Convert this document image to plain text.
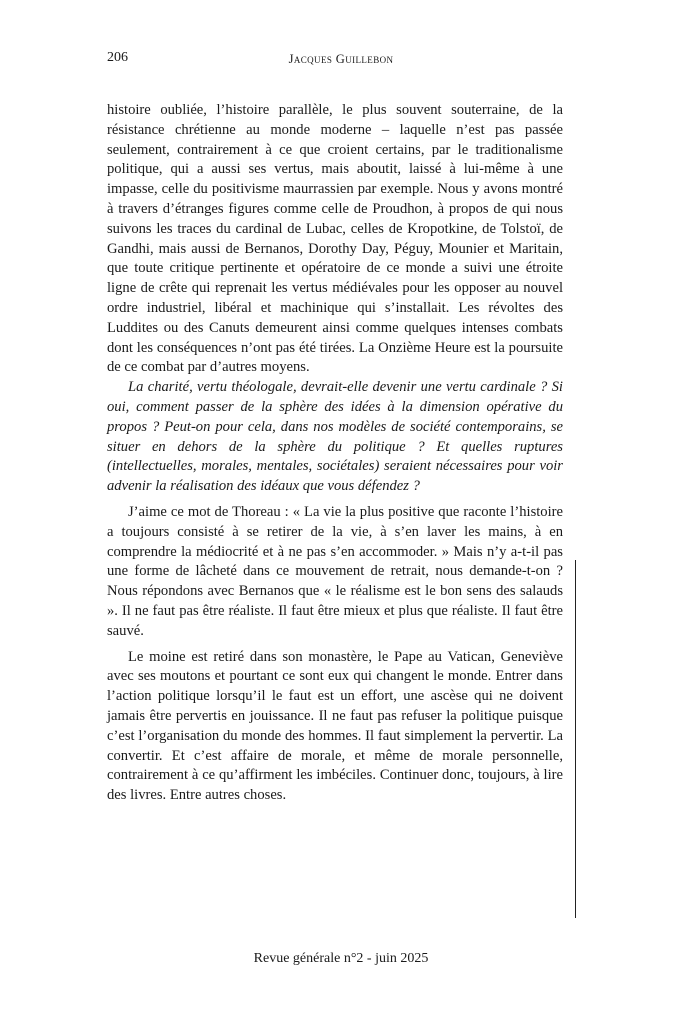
206	Jacques Guillebon

histoire oubliée, l’histoire parallèle, le plus souvent souterraine, de la résistance chrétienne au monde moderne – laquelle n’est pas passée seulement, contrairement à ce que croient certains, par le traditionalisme politique, qui a aussi ses vertus, mais aboutit, laissé à lui-même à une impasse, celle du positivisme maurrassien par exemple. Nous y avons montré à travers d’étranges figures comme celle de Proudhon, à propos de qui nous suivons les traces du cardinal de Lubac, celles de Kropotkine, de Tolstoï, de Gandhi, mais aussi de Bernanos, Dorothy Day, Péguy, Mounier et Maritain, que toute critique pertinente et opératoire de ce monde a suivi une étroite ligne de crête qui reprenait les vertus médiévales pour les opposer au nouvel ordre industriel, libéral et machinique qui s’installait. Les révoltes des Luddites ou des Canuts demeurent ainsi comme quelques intenses combats dont les conséquences n’ont pas été tirées. La Onzième Heure est la poursuite de ce combat par d’autres moyens.

La charité, vertu théologale, devrait-elle devenir une vertu cardinale ? Si oui, comment passer de la sphère des idées à la dimension opérative du propos ? Peut-on pour cela, dans nos modèles de société contemporains, se situer en dehors de la sphère du politique ? Et quelles ruptures (intellectuelles, morales, mentales, sociétales) seraient nécessaires pour voir advenir la réalisation des idéaux que vous défendez ?

J’aime ce mot de Thoreau : « La vie la plus positive que raconte l’histoire a toujours consisté à se retirer de la vie, à s’en laver les mains, à en comprendre la médiocrité et à ne pas s’en accommoder. » Mais n’y a-t-il pas une forme de lâcheté dans ce mouvement de retrait, nous demande-t-on ? Nous répondons avec Bernanos que « le réalisme est le bon sens des salauds ». Il ne faut pas être réaliste. Il faut être mieux et plus que réaliste. Il faut être sauvé.

Le moine est retiré dans son monastère, le Pape au Vatican, Geneviève avec ses moutons et pourtant ce sont eux qui changent le monde. Entrer dans l’action politique lorsqu’il le faut est un effort, une ascèse qui ne doivent jamais être pervertis en jouissance. Il ne faut pas refuser la politique puisque c’est l’organisation du monde des hommes. Il faut simplement la pervertir. La convertir. Et c’est affaire de morale, et même de morale personnelle, contrairement à ce qu’affirment les imbéciles. Continuer donc, toujours, à lire des livres. Entre autres choses.

Revue générale n°2 - juin 2025
